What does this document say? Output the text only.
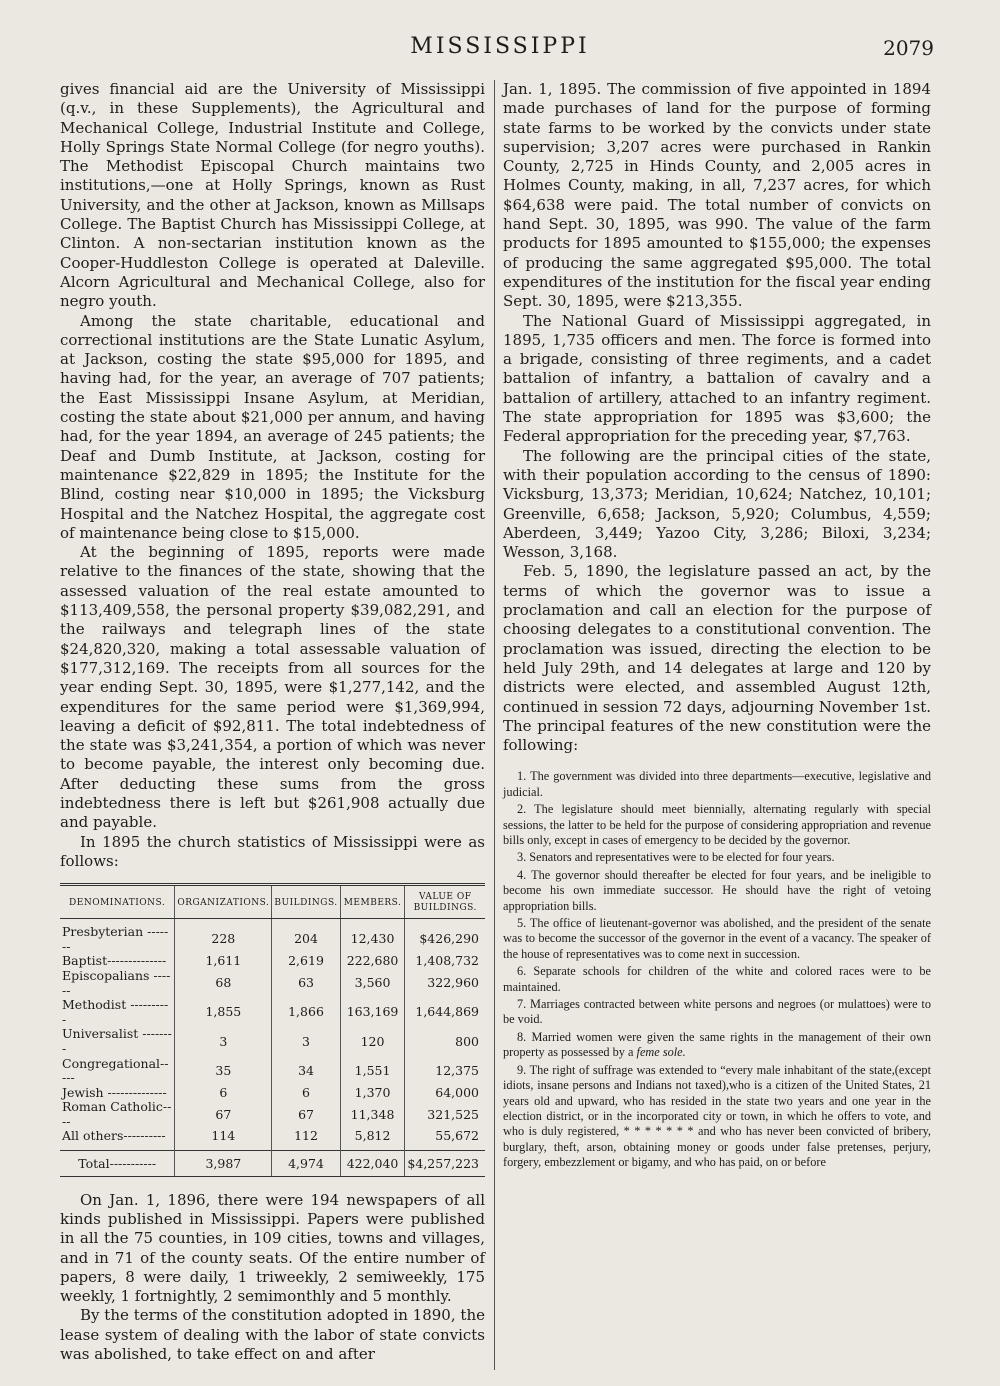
MISSISSIPPI	2079

gives financial aid are the University of Mississippi (q.v., in these Supplements), the Agricultural and Mechanical College, Industrial Institute and College, Holly Springs State Normal College (for negro youths). The Methodist Episcopal Church maintains two institutions,—one at Holly Springs, known as Rust University, and the other at Jackson, known as Millsaps College. The Baptist Church has Mississippi College, at Clinton. A non-sectarian institution known as the Cooper-Huddleston College is operated at Daleville. Alcorn Agricultural and Mechanical College, also for negro youth.

Among the state charitable, educational and correctional institutions are the State Lunatic Asylum, at Jackson, costing the state $95,000 for 1895, and having had, for the year, an average of 707 patients; the East Mississippi Insane Asylum, at Meridian, costing the state about $21,000 per annum, and having had, for the year 1894, an average of 245 patients; the Deaf and Dumb Institute, at Jackson, costing for maintenance $22,829 in 1895; the Institute for the Blind, costing near $10,000 in 1895; the Vicksburg Hospital and the Natchez Hospital, the aggregate cost of maintenance being close to $15,000.

At the beginning of 1895, reports were made relative to the finances of the state, showing that the assessed valuation of the real estate amounted to $113,409,558, the personal property $39,082,291, and the railways and telegraph lines of the state $24,820,320, making a total assessable valuation of $177,312,169. The receipts from all sources for the year ending Sept. 30, 1895, were $1,277,142, and the expenditures for the same period were $1,369,994, leaving a deficit of $92,811. The total indebtedness of the state was $3,241,354, a portion of which was never to become payable, the interest only becoming due. After deducting these sums from the gross indebtedness there is left but $261,908 actually due and payable.

In 1895 the church statistics of Mississippi were as follows:

DENOMINATIONS.	ORGANIZATIONS.	BUILDINGS.	MEMBERS.	VALUE OF BUILDINGS.
Presbyterian -------	228	204	12,430	$426,290
Baptist--------------	1,611	2,619	222,680	1,408,732
Episcopalians ------	68	63	3,560	322,960
Methodist ----------	1,855	1,866	163,169	1,644,869
Universalist --------	3	3	120	800
Congregational-----	35	34	1,551	12,375
Jewish --------------	6	6	1,370	64,000
Roman Catholic----	67	67	11,348	321,525
All others----------	114	112	5,812	55,672
Total-----------	3,987	4,974	422,040	$4,257,223

On Jan. 1, 1896, there were 194 newspapers of all kinds published in Mississippi. Papers were published in all the 75 counties, in 109 cities, towns and villages, and in 71 of the county seats. Of the entire number of papers, 8 were daily, 1 triweekly, 2 semiweekly, 175 weekly, 1 fortnightly, 2 semimonthly and 5 monthly.

By the terms of the constitution adopted in 1890, the lease system of dealing with the labor of state convicts was abolished, to take effect on and after

Jan. 1, 1895. The commission of five appointed in 1894 made purchases of land for the purpose of forming state farms to be worked by the convicts under state supervision; 3,207 acres were purchased in Rankin County, 2,725 in Hinds County, and 2,005 acres in Holmes County, making, in all, 7,237 acres, for which $64,638 were paid. The total number of convicts on hand Sept. 30, 1895, was 990. The value of the farm products for 1895 amounted to $155,000; the expenses of producing the same aggregated $95,000. The total expenditures of the institution for the fiscal year ending Sept. 30, 1895, were $213,355.

The National Guard of Mississippi aggregated, in 1895, 1,735 officers and men. The force is formed into a brigade, consisting of three regiments, and a cadet battalion of infantry, a battalion of cavalry and a battalion of artillery, attached to an infantry regiment. The state appropriation for 1895 was $3,600; the Federal appropriation for the preceding year, $7,763.

The following are the principal cities of the state, with their population according to the census of 1890: Vicksburg, 13,373; Meridian, 10,624; Natchez, 10,101; Greenville, 6,658; Jackson, 5,920; Columbus, 4,559; Aberdeen, 3,449; Yazoo City, 3,286; Biloxi, 3,234; Wesson, 3,168.

Feb. 5, 1890, the legislature passed an act, by the terms of which the governor was to issue a proclamation and call an election for the purpose of choosing delegates to a constitutional convention. The proclamation was issued, directing the election to be held July 29th, and 14 delegates at large and 120 by districts were elected, and assembled August 12th, continued in session 72 days, adjourning November 1st. The principal features of the new constitution were the following:

1. The government was divided into three departments—executive, legislative and judicial.

2. The legislature should meet biennially, alternating regularly with special sessions, the latter to be held for the purpose of considering appropriation and revenue bills only, except in cases of emergency to be decided by the governor.

3. Senators and representatives were to be elected for four years.

4. The governor should thereafter be elected for four years, and be ineligible to become his own immediate successor. He should have the right of vetoing appropriation bills.

5. The office of lieutenant-governor was abolished, and the president of the senate was to become the successor of the governor in the event of a vacancy. The speaker of the house of representatives was to come next in succession.

6. Separate schools for children of the white and colored races were to be maintained.

7. Marriages contracted between white persons and negroes (or mulattoes) were to be void.

8. Married women were given the same rights in the management of their own property as possessed by a feme sole.

9. The right of suffrage was extended to “every male inhabitant of the state,(except idiots, insane persons and Indians not taxed),who is a citizen of the United States, 21 years old and upward, who has resided in the state two years and one year in the election district, or in the incorporated city or town, in which he offers to vote, and who is duly registered, * * * * * * * and who has never been convicted of bribery, burglary, theft, arson, obtaining money or goods under false pretenses, perjury, forgery, embezzlement or bigamy, and who has paid, on or before
